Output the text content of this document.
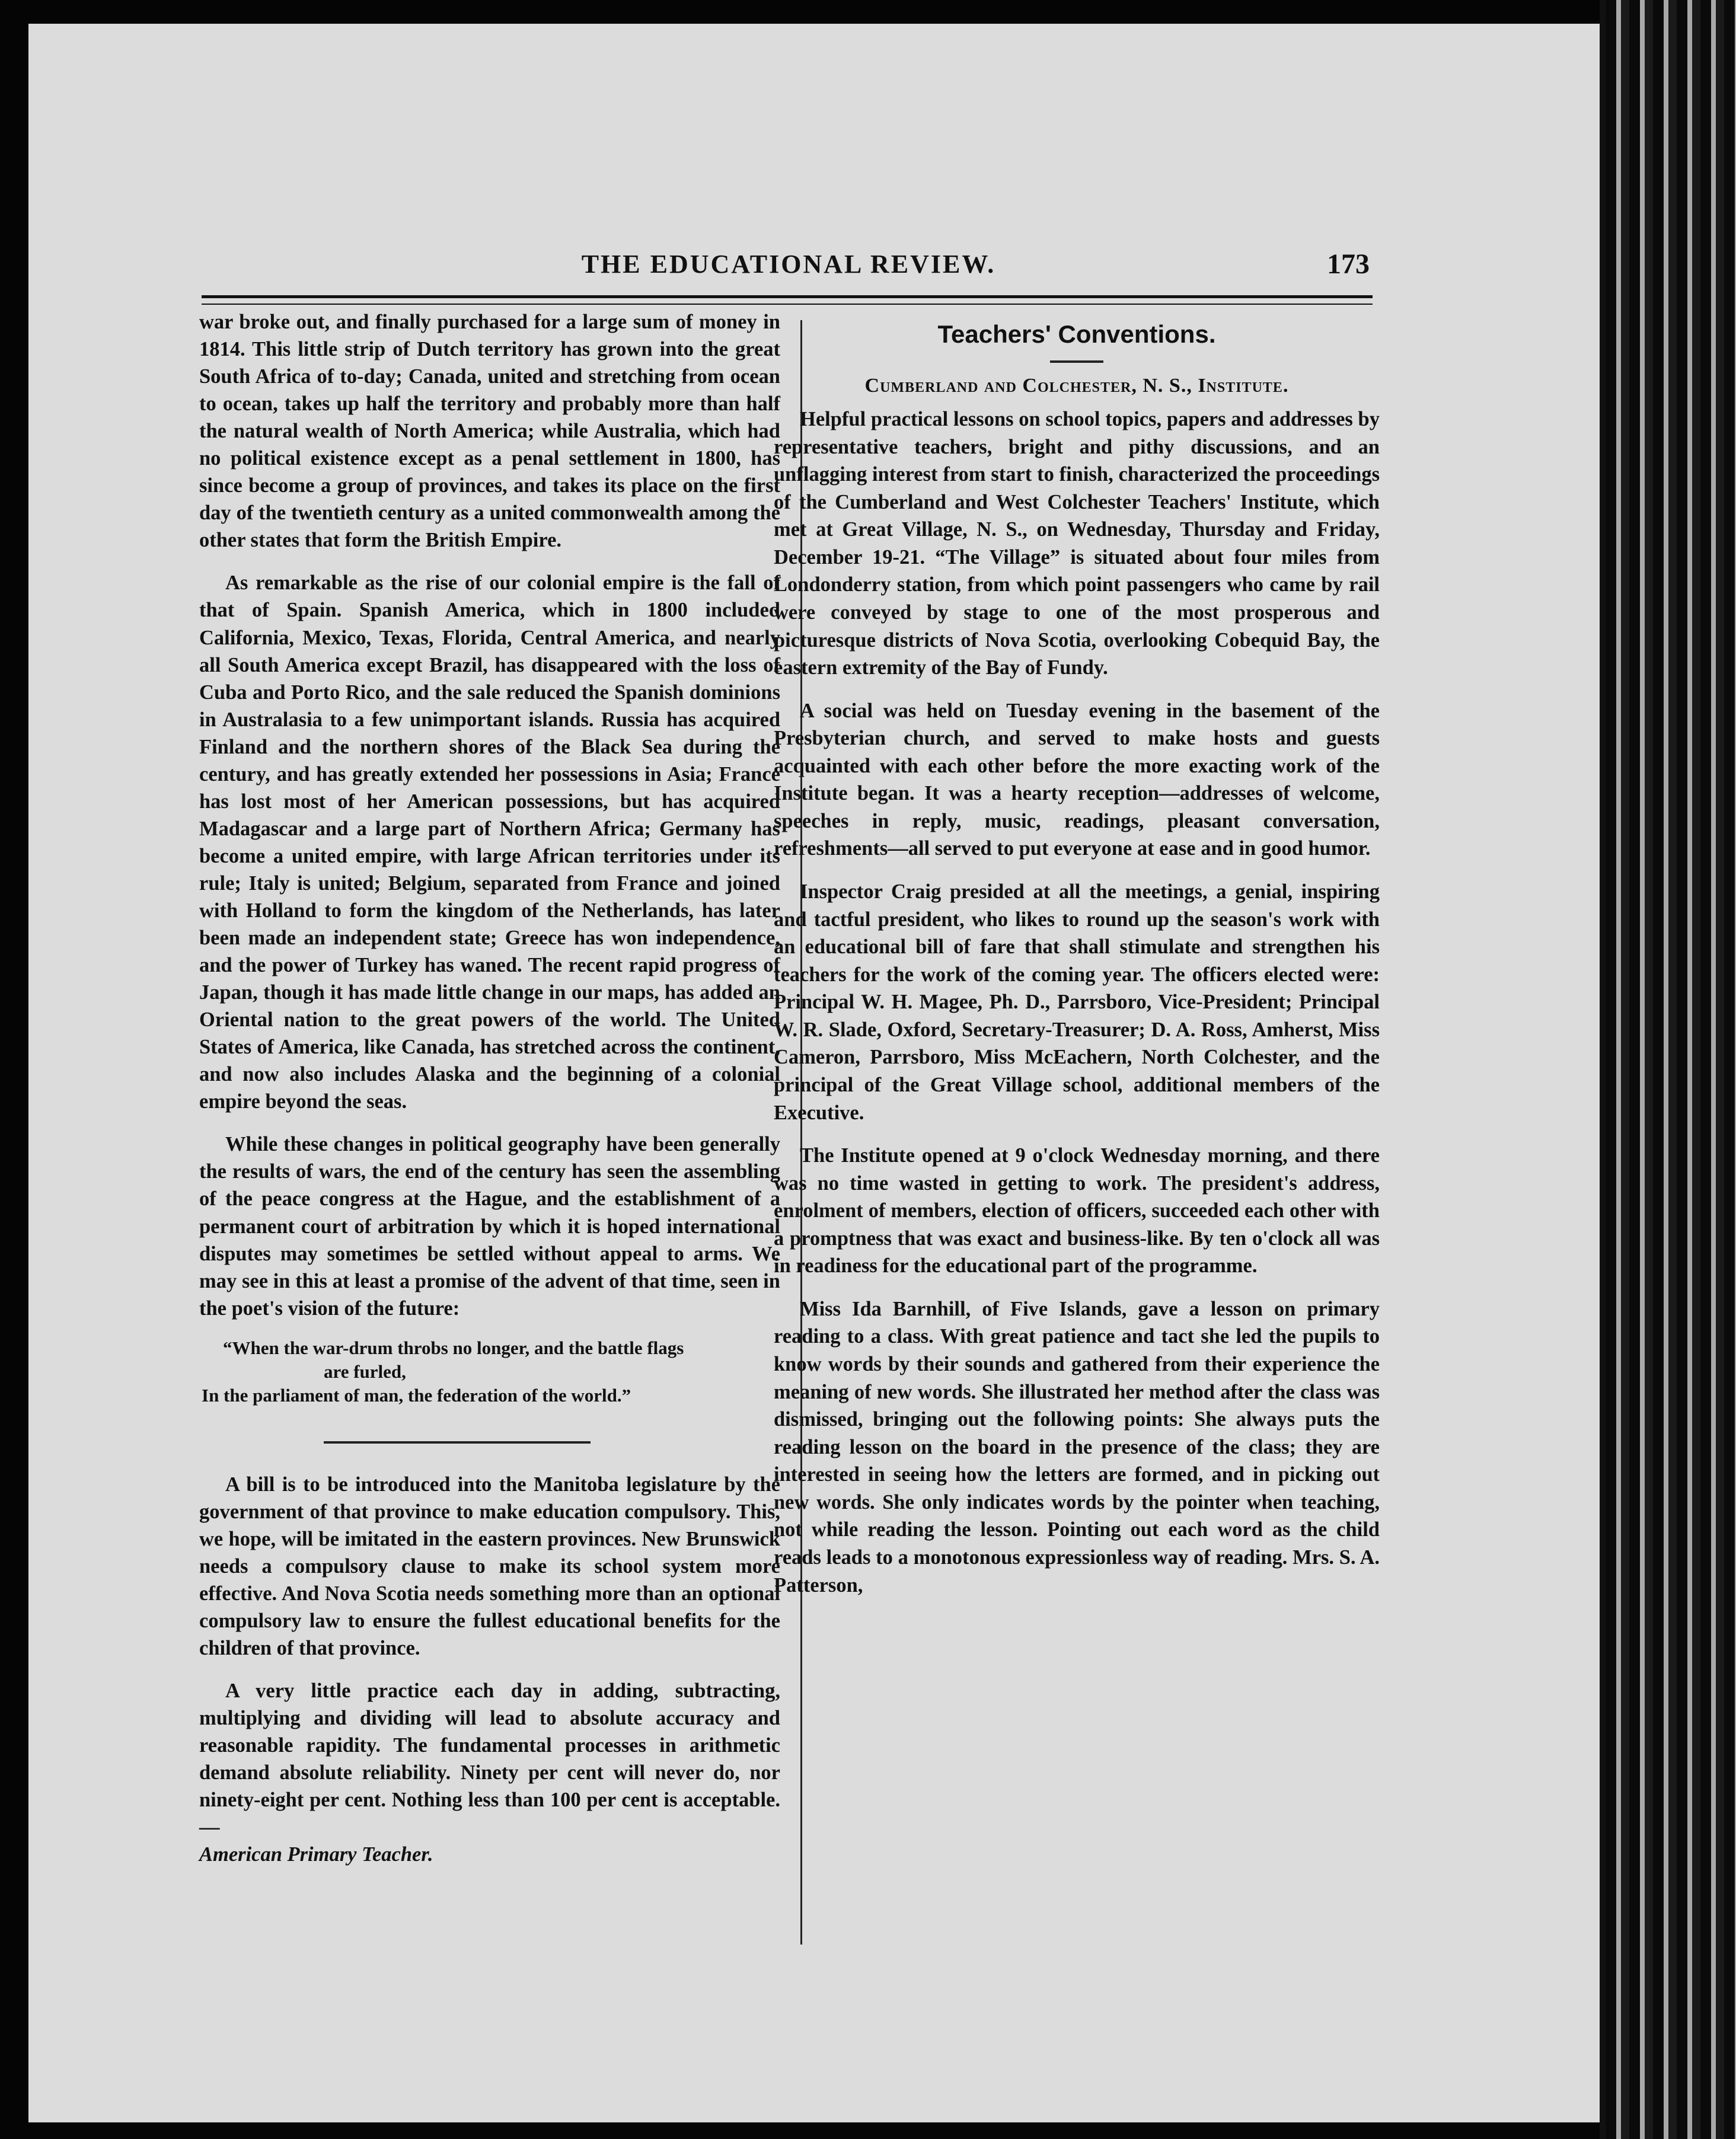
THE EDUCATIONAL REVIEW.	173

war broke out, and finally purchased for a large sum of money in 1814. This little strip of Dutch territory has grown into the great South Africa of to-day; Canada, united and stretching from ocean to ocean, takes up half the territory and probably more than half the natural wealth of North America; while Australia, which had no political existence except as a penal settlement in 1800, has since become a group of provinces, and takes its place on the first day of the twentieth century as a united commonwealth among the other states that form the British Empire.

As remarkable as the rise of our colonial empire is the fall of that of Spain. Spanish America, which in 1800 included California, Mexico, Texas, Florida, Central America, and nearly all South America except Brazil, has disappeared with the loss of Cuba and Porto Rico, and the sale reduced the Spanish dominions in Australasia to a few unimportant islands. Russia has acquired Finland and the northern shores of the Black Sea during the century, and has greatly extended her possessions in Asia; France has lost most of her American possessions, but has acquired Madagascar and a large part of Northern Africa; Germany has become a united empire, with large African territories under its rule; Italy is united; Belgium, separated from France and joined with Holland to form the kingdom of the Netherlands, has later been made an independent state; Greece has won independence, and the power of Turkey has waned. The recent rapid progress of Japan, though it has made little change in our maps, has added an Oriental nation to the great powers of the world. The United States of America, like Canada, has stretched across the continent, and now also includes Alaska and the beginning of a colonial empire beyond the seas.

While these changes in political geography have been generally the results of wars, the end of the century has seen the assembling of the peace congress at the Hague, and the establishment of a permanent court of arbitration by which it is hoped international disputes may sometimes be settled without appeal to arms. We may see in this at least a promise of the advent of that time, seen in the poet's vision of the future:

“When the war-drum throbs no longer, and the battle flags
are furled,
In the parliament of man, the federation of the world.”

A bill is to be introduced into the Manitoba legislature by the government of that province to make education compulsory. This, we hope, will be imitated in the eastern provinces. New Brunswick needs a compulsory clause to make its school system more effective. And Nova Scotia needs something more than an optional compulsory law to ensure the fullest educational benefits for the children of that province.

A very little practice each day in adding, subtracting, multiplying and dividing will lead to absolute accuracy and reasonable rapidity. The fundamental processes in arithmetic demand absolute reliability. Ninety per cent will never do, nor ninety-eight per cent. Nothing less than 100 per cent is acceptable.—
American Primary Teacher.

Teachers' Conventions.
Cumberland and Colchester, N. S., Institute.

Helpful practical lessons on school topics, papers and addresses by representative teachers, bright and pithy discussions, and an unflagging interest from start to finish, characterized the proceedings of the Cumberland and West Colchester Teachers' Institute, which met at Great Village, N. S., on Wednesday, Thursday and Friday, December 19-21. “The Village” is situated about four miles from Londonderry station, from which point passengers who came by rail were conveyed by stage to one of the most prosperous and picturesque districts of Nova Scotia, overlooking Cobequid Bay, the eastern extremity of the Bay of Fundy.

A social was held on Tuesday evening in the basement of the Presbyterian church, and served to make hosts and guests acquainted with each other before the more exacting work of the Institute began. It was a hearty reception—addresses of welcome, speeches in reply, music, readings, pleasant conversation, refreshments—all served to put everyone at ease and in good humor.

Inspector Craig presided at all the meetings, a genial, inspiring and tactful president, who likes to round up the season's work with an educational bill of fare that shall stimulate and strengthen his teachers for the work of the coming year. The officers elected were: Principal W. H. Magee, Ph. D., Parrsboro, Vice-President; Principal W. R. Slade, Oxford, Secretary-Treasurer; D. A. Ross, Amherst, Miss Cameron, Parrsboro, Miss McEachern, North Colchester, and the principal of the Great Village school, additional members of the Executive.

The Institute opened at 9 o'clock Wednesday morning, and there was no time wasted in getting to work. The president's address, enrolment of members, election of officers, succeeded each other with a promptness that was exact and business-like. By ten o'clock all was in readiness for the educational part of the programme.

Miss Ida Barnhill, of Five Islands, gave a lesson on primary reading to a class. With great patience and tact she led the pupils to know words by their sounds and gathered from their experience the meaning of new words. She illustrated her method after the class was dismissed, bringing out the following points: She always puts the reading lesson on the board in the presence of the class; they are interested in seeing how the letters are formed, and in picking out new words. She only indicates words by the pointer when teaching, not while reading the lesson. Pointing out each word as the child reads leads to a monotonous expressionless way of reading. Mrs. S. A. Patterson,
